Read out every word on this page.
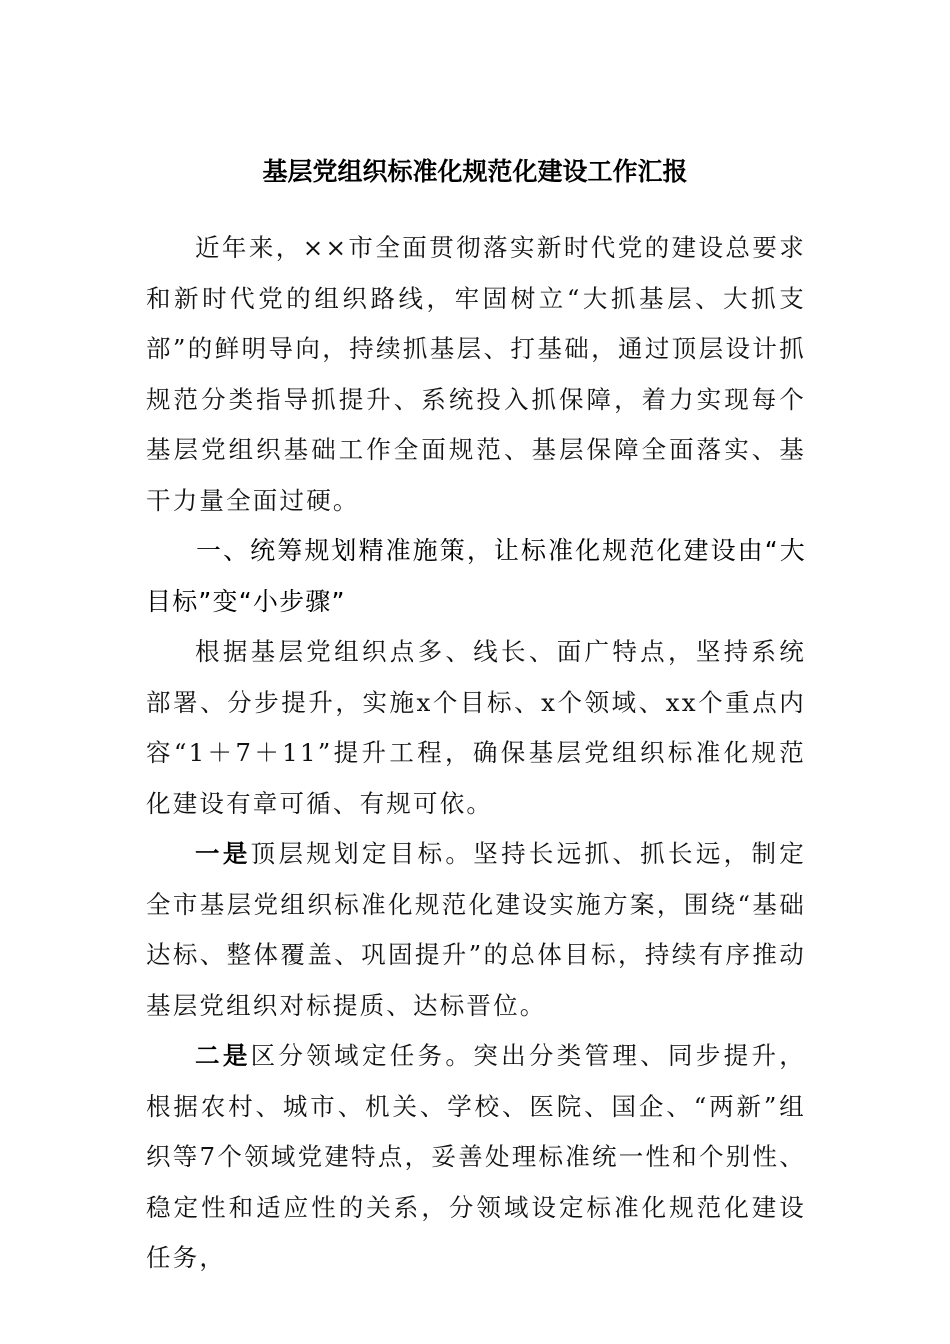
基层党组织标准化规范化建设工作汇报

近年来，××市全面贯彻落实新时代党的建设总要求和新时代党的组织路线，牢固树立“大抓基层、大抓支部”的鲜明导向，持续抓基层、打基础，通过顶层设计抓规范分类指导抓提升、系统投入抓保障，着力实现每个基层党组织基础工作全面规范、基层保障全面落实、基干力量全面过硬。

一、统筹规划精准施策，让标准化规范化建设由“大目标”变“小步骤”

根据基层党组织点多、线长、面广特点，坚持系统部署、分步提升，实施x个目标、x个领域、xx个重点内容“1＋7＋11”提升工程，确保基层党组织标准化规范化建设有章可循、有规可依。

一是顶层规划定目标。坚持长远抓、抓长远，制定全市基层党组织标准化规范化建设实施方案，围绕“基础达标、整体覆盖、巩固提升”的总体目标，持续有序推动基层党组织对标提质、达标晋位。

二是区分领域定任务。突出分类管理、同步提升，根据农村、城市、机关、学校、医院、国企、“两新”组织等7个领域党建特点，妥善处理标准统一性和个别性、稳定性和适应性的关系，分领域设定标准化规范化建设任务，
